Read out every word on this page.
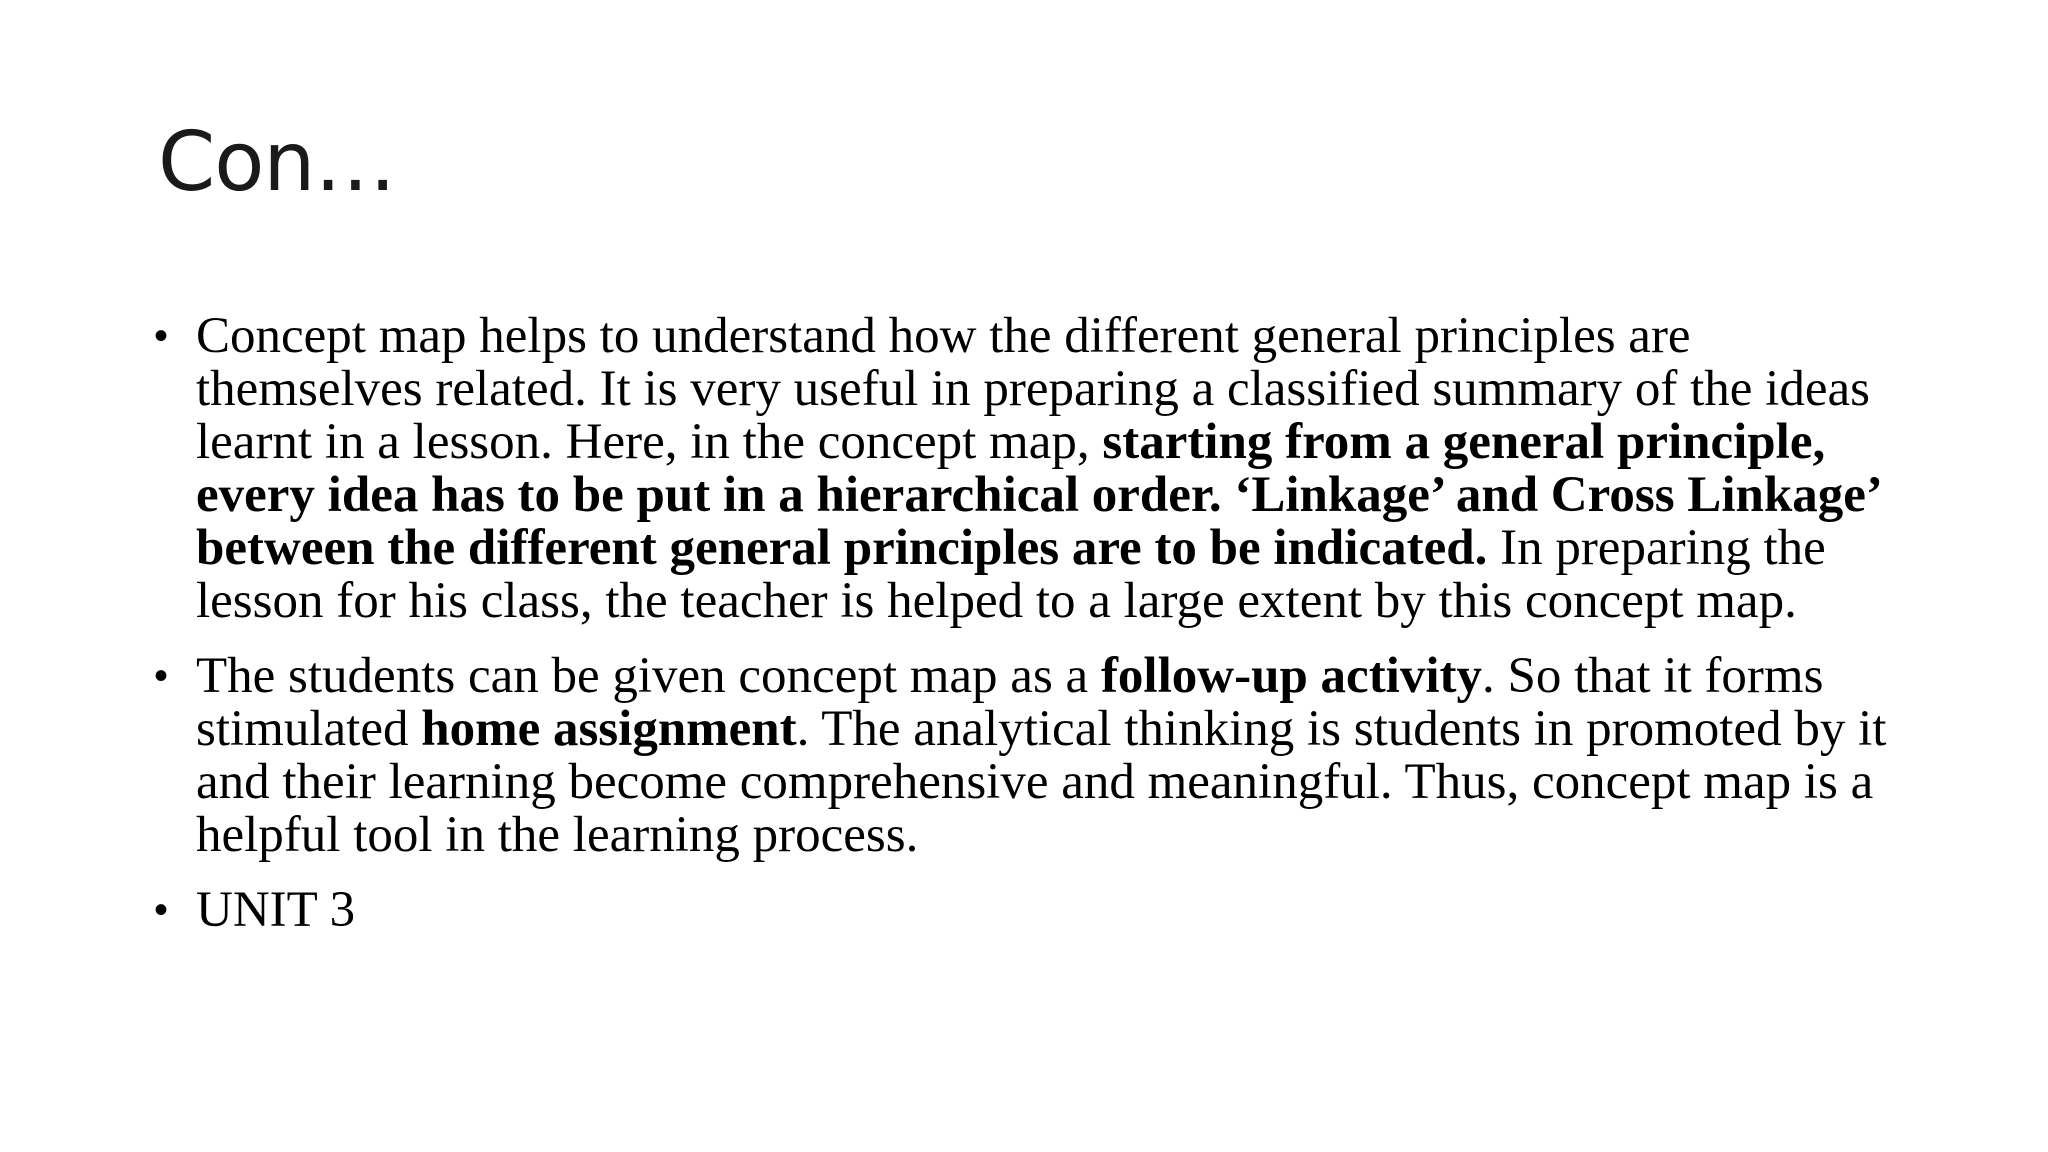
Con…
• Concept map helps to understand how the different general principles are themselves related. It is very useful in preparing a classified summary of the ideas learnt in a lesson. Here, in the concept map, starting from a general principle, every idea has to be put in a hierarchical order. ‘Linkage’ and Cross Linkage’ between the different general principles are to be indicated. In preparing the lesson for his class, the teacher is helped to a large extent by this concept map.
• The students can be given concept map as a follow-up activity. So that it forms stimulated home assignment. The analytical thinking is students in promoted by it and their learning become comprehensive and meaningful. Thus, concept map is a helpful tool in the learning process.
• UNIT 3
